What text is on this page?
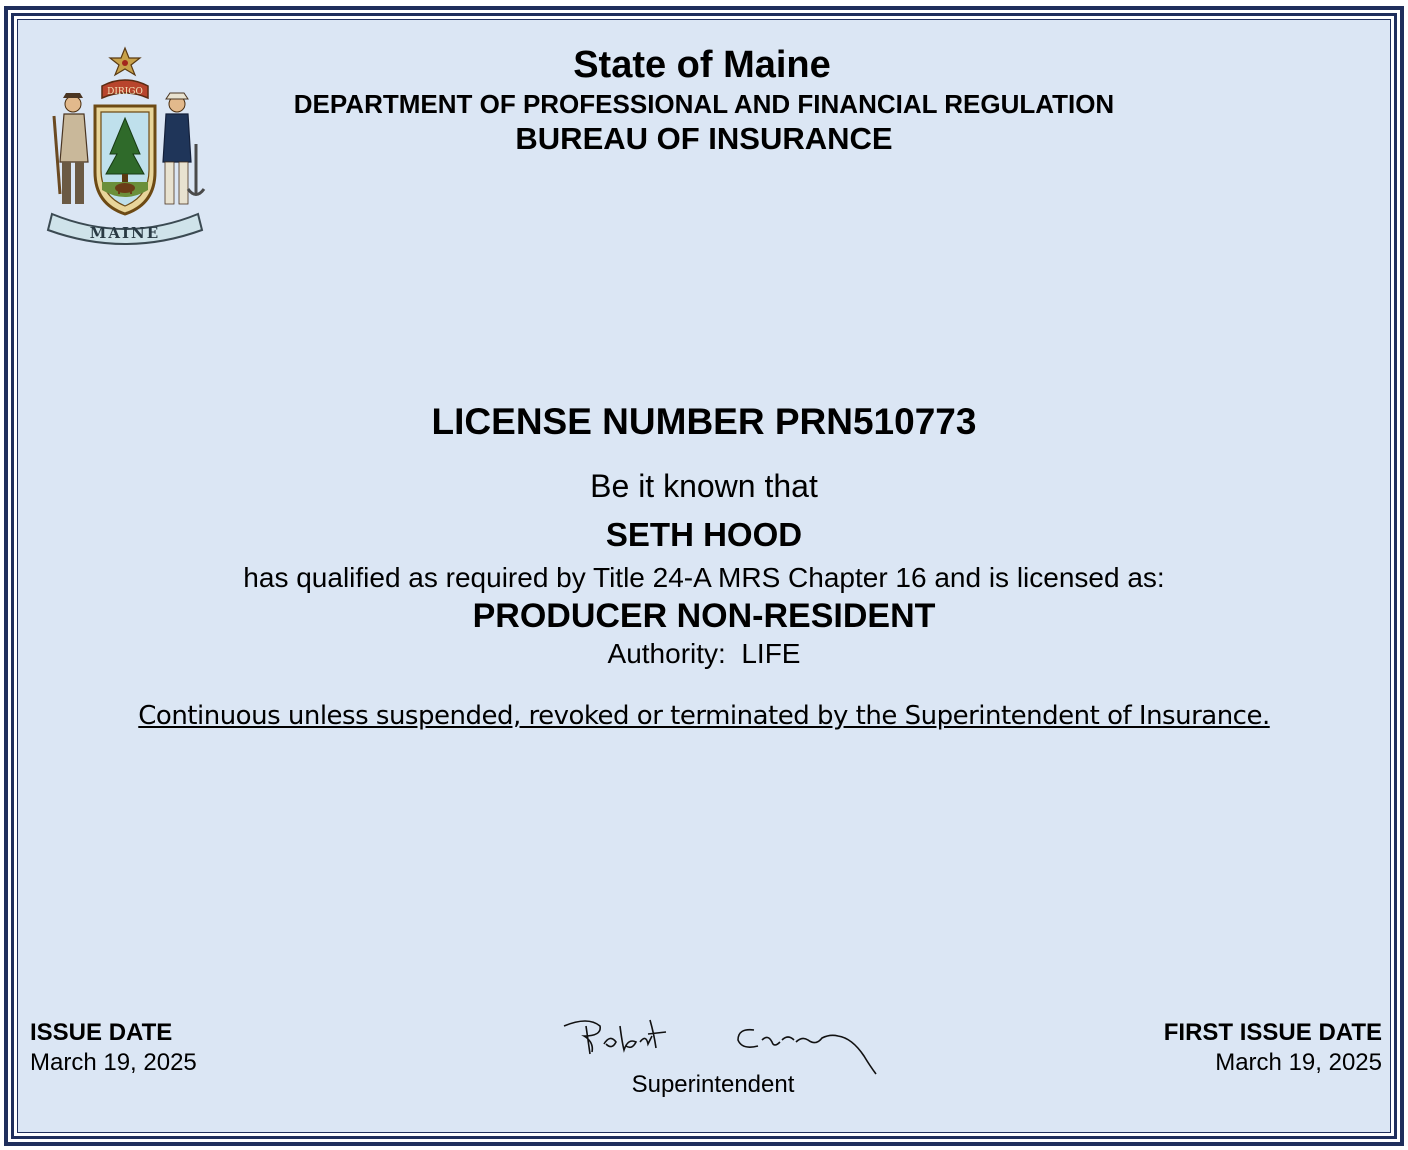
DIRIGO
MAINE
State of Maine
DEPARTMENT OF PROFESSIONAL AND FINANCIAL REGULATION
BUREAU OF INSURANCE
LICENSE NUMBER PRN510773
Be it known that
SETH HOOD
has qualified as required by Title 24-A MRS Chapter 16 and is licensed as:
PRODUCER NON-RESIDENT
Authority:  LIFE
Continuous unless suspended, revoked or terminated by the Superintendent of Insurance.
ISSUE DATE
March 19, 2025
Superintendent
FIRST ISSUE DATE
March 19, 2025
